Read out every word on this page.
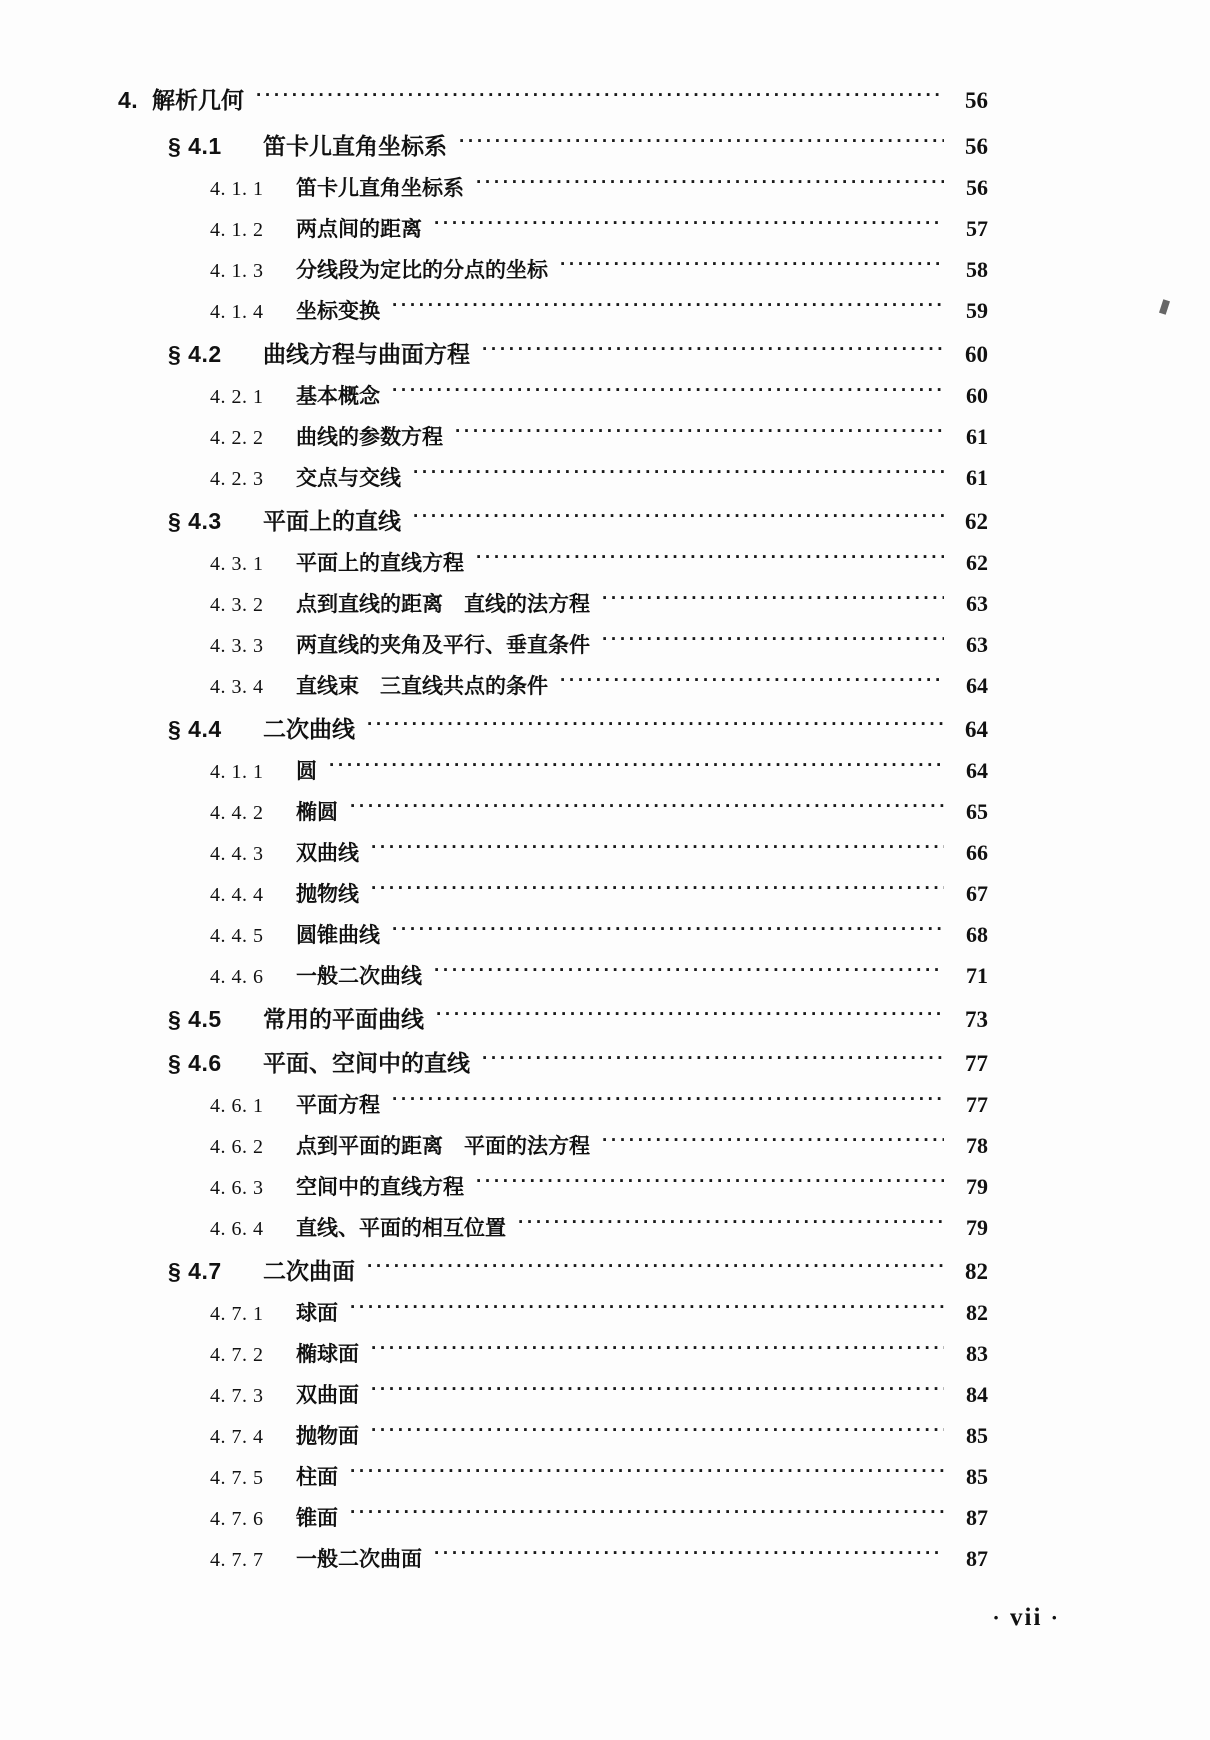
4. 解析几何 ·····	56
§ 4.1	笛卡儿直角坐标系 ·····	56
4. 1. 1	笛卡儿直角坐标系 ·····	56
4. 1. 2	两点间的距离 ·····	57
4. 1. 3	分线段为定比的分点的坐标 ·····	58
4. 1. 4	坐标变换 ·····	59
§ 4.2	曲线方程与曲面方程 ·····	60
4. 2. 1	基本概念 ·····	60
4. 2. 2	曲线的参数方程 ·····	61
4. 2. 3	交点与交线 ·····	61
§ 4.3	平面上的直线 ·····	62
4. 3. 1	平面上的直线方程 ·····	62
4. 3. 2	点到直线的距离　直线的法方程 ·····	63
4. 3. 3	两直线的夹角及平行、垂直条件 ·····	63
4. 3. 4	直线束　三直线共点的条件 ·····	64
§ 4.4	二次曲线 ·····	64
4. 1. 1	圆 ·····	64
4. 4. 2	椭圆 ·····	65
4. 4. 3	双曲线 ·····	66
4. 4. 4	抛物线 ·····	67
4. 4. 5	圆锥曲线 ·····	68
4. 4. 6	一般二次曲线 ·····	71
§ 4.5	常用的平面曲线 ·····	73
§ 4.6	平面、空间中的直线 ·····	77
4. 6. 1	平面方程 ·····	77
4. 6. 2	点到平面的距离　平面的法方程 ·····	78
4. 6. 3	空间中的直线方程 ·····	79
4. 6. 4	直线、平面的相互位置 ·····	79
§ 4.7	二次曲面 ·····	82
4. 7. 1	球面 ·····	82
4. 7. 2	椭球面 ·····	83
4. 7. 3	双曲面 ·····	84
4. 7. 4	抛物面 ·····	85
4. 7. 5	柱面 ·····	85
4. 7. 6	锥面 ·····	87
4. 7. 7	一般二次曲面 ·····	87
· vii ·
